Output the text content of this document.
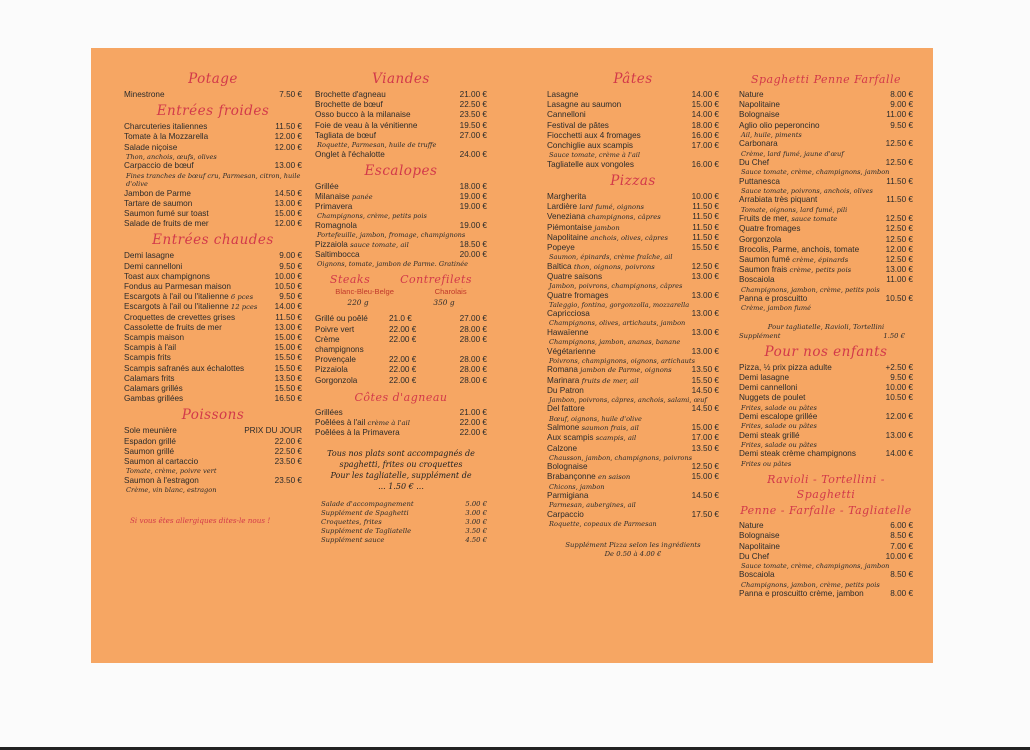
Potage
Minestrone	7.50 €
Entrées froides
Charcuteries italiennes	11.50 €
Tomate à la Mozzarella	12.00 €
Salade niçoise	12.00 €
Thon, anchois, œufs, olives
Carpaccio de bœuf	13.00 €
Fines tranches de bœuf cru, Parmesan, citron, huile d'olive
Jambon de Parme	14.50 €
Tartare de saumon	13.00 €
Saumon fumé sur toast	15.00 €
Salade de fruits de mer	12.00 €
Entrées chaudes
Demi lasagne	9.00 €
Demi cannelloni	9.50 €
Toast aux champignons	10.00 €
Fondus au Parmesan maison	10.50 €
Escargots à l'ail ou l'italienne 6 pces	9.50 €
Escargots à l'ail ou l'italienne 12 pces 14.00 €
Croquettes de crevettes grises	11.50 €
Cassolette de fruits de mer	13.00 €
Scampis maison	15.00 €
Scampis à l'ail	15.00 €
Scampis frits	15.50 €
Scampis safranés aux échalottes	15.50 €
Calamars frits	13.50 €
Calamars grillés	15.50 €
Gambas grillées	16.50 €
Poissons
Sole meunière	PRIX DU JOUR
Espadon grillé	22.00 €
Saumon grillé	22.50 €
Saumon al cartaccio	23.50 €
Tomate, crème, poivre vert
Saumon à l'estragon	23.50 €
Crème, vin blanc, estragon
Si vous êtes allergiques dites-le nous !
Viandes
Brochette d'agneau	21.00 €
Brochette de bœuf	22.50 €
Osso bucco à la milanaise	23.50 €
Foie de veau à la vénitienne	19.50 €
Tagliata de bœuf	27.00 €
Roquette, Parmesan, huile de truffe
Onglet à l'échalotte	24.00 €
Escalopes
Grillée	18.00 €
Milanaise panée	19.00 €
Primavera	19.00 €
Champignons, crème, petits pois
Romagnola	19.00 €
Portefeuille, jambon, fromage, champignons
Pizzaiola sauce tomate, ail	18.50 €
Saltimbocca	20.00 €
Oignons, tomate, jambon de Parme. Gratinée
Steaks	Contrefilets
Blanc-Bleu-Belge	Charolais
220 g	350 g
Grillé ou poêlé	21.0 €	27.00 €
Poivre vert	22.00 €	28.00 €
Crème champignons
22.00 €	28.00 €
Provençale	22.00 €	28.00 €
Pizzaiola	22.00 €	28.00 €
Gorgonzola	22.00 €	28.00 €
Côtes d'agneau
Grillées	21.00 €
Poêlées à l'ail crème à l'ail	22.00 €
Poêlées à la Primavera	22.00 €
Tous nos plats sont accompagnés de
spaghetti, frites ou croquettes
Pour les tagliatelle, supplément de
... 1.50 € ...
Salade d'accompagnement	5.00 €
Supplément de Spaghetti	3.00 €
Croquettes, frites	3.00 €
Supplément de Tagliatelle	3.50 €
Supplément sauce	4.50 €
Pâtes
Lasagne	14.00 €
Lasagne au saumon	15.00 €
Cannelloni	14.00 €
Festival de pâtes	18.00 €
Fiocchetti aux 4 fromages	16.00 €
Conchiglie aux scampis	17.00 €
Sauce tomate, crème à l'ail
Tagliatelle aux vongoles	16.00 €
Pizzas
Margherita	10.00 €
Lardière lard fumé, oignons	11.50 €
Veneziana champignons, câpres	11.50 €
Piémontaise jambon	11.50 €
Napolitaine anchois, olives, câpres	11.50 €
Popeye	15.50 €
Saumon, épinards, crème fraîche, ail
Baltica thon, oignons, poivrons	12.50 €
Quatre saisons	13.00 €
Jambon, poivrons, champignons, câpres
Quatre fromages	13.00 €
Taleggio, fontina, gorgonzolla, mozzarella
Capricciosa	13.00 €
Champignons, olives, artichauts, jambon
Hawaïenne	13.00 €
Champignons, jambon, ananas, banane
Végétarienne	13.00 €
Poivrons, champignons, oignons, artichauts
Romana jambon de Parme, oignons 13.50 €
Marinara fruits de mer, ail	15.50 €
Du Patron	14.50 €
Jambon, poivrons, câpres, anchois, salami, œuf
Del fattore	14.50 €
Bœuf, oignons, huile d'olive
Salmone saumon frais, ail	15.00 €
Aux scampis scampis, ail	17.00 €
Calzone	13.50 €
Chausson, jambon, champignons, poivrons
Bolognaise	12.50 €
Brabançonne en saison	15.00 €
Chicons, jambon
Parmigiana	14.50 €
Parmesan, aubergines, ail
Carpaccio	17.50 €
Roquette, copeaux de Parmesan
Supplément Pizza selon les ingrédients
De 0.50 à 4.00 €
Spaghetti Penne Farfalle
Nature	8.00 €
Napolitaine	9.00 €
Bolognaise	11.00 €
Aglio olio peperoncino	9.50 €
Ail, huile, piments
Carbonara	12.50 €
Crème, lard fumé, jaune d'œuf
Du Chef	12.50 €
Sauce tomate, crème, champignons, jambon
Puttanesca	11.50 €
Sauce tomate, poivrons, anchois, olives
Arrabiata très piquant	11.50 €
Tomate, oignons, lard fumé, pili
Fruits de mer, sauce tomate	12.50 €
Quatre fromages	12.50 €
Gorgonzola	12.50 €
Brocolis, Parme, anchois, tomate	12.00 €
Saumon fumé crème, épinards	12.50 €
Saumon frais crème, petits pois	13.00 €
Boscaiola	11.00 €
Champignons, jambon, crème, petits pois
Panna e proscuitto	10.50 €
Crème, jambon fumé
Pour tagliatelle, Ravioli, Tortellini
Supplément	1.50 €
Pour nos enfants
Pizza, ½ prix pizza adulte	+2.50 €
Demi lasagne	9.50 €
Demi cannelloni	10.00 €
Nuggets de poulet	10.50 €
Frites, salade ou pâtes
Demi escalope grillée	12.00 €
Frites, salade ou pâtes
Demi steak grillé	13.00 €
Frites, salade ou pâtes
Demi steak crème champignons	14.00 €
Frites ou pâtes
Ravioli - Tortellini - Spaghetti
Penne - Farfalle - Tagliatelle
Nature	6.00 €
Bolognaise	8.50 €
Napolitaine	7.00 €
Du Chef	10.00 €
Sauce tomate, crème, champignons, jambon
Boscaiola	8.50 €
Champignons, jambon, crème, petits pois
Panna e proscuitto crème, jambon	8.00 €
